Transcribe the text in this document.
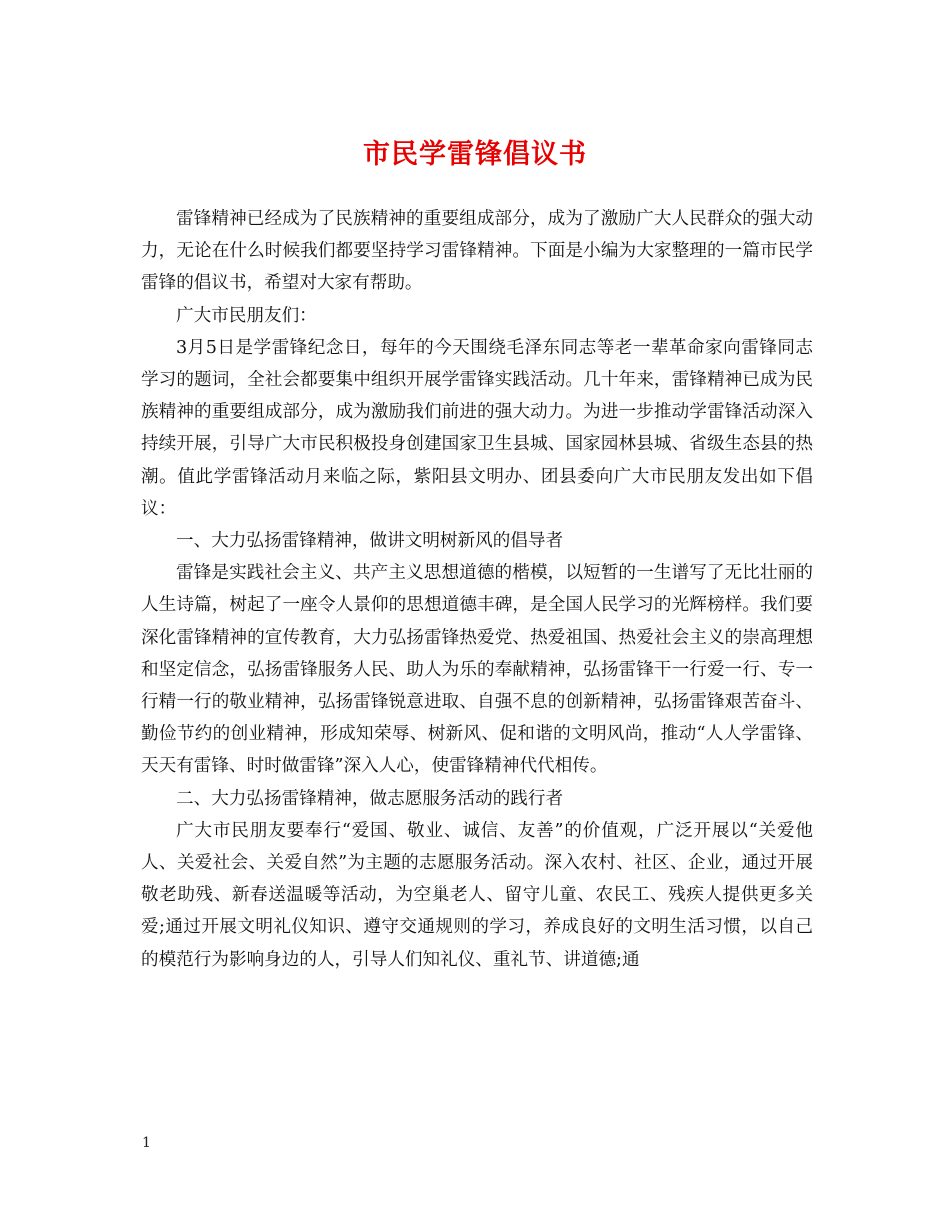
市民学雷锋倡议书

雷锋精神已经成为了民族精神的重要组成部分，成为了激励广大人民群众的强大动力，无论在什么时候我们都要坚持学习雷锋精神。下面是小编为大家整理的一篇市民学雷锋的倡议书，希望对大家有帮助。

广大市民朋友们：

3月5日是学雷锋纪念日，每年的今天围绕毛泽东同志等老一辈革命家向雷锋同志学习的题词，全社会都要集中组织开展学雷锋实践活动。几十年来，雷锋精神已成为民族精神的重要组成部分，成为激励我们前进的强大动力。为进一步推动学雷锋活动深入持续开展，引导广大市民积极投身创建国家卫生县城、国家园林县城、省级生态县的热潮。值此学雷锋活动月来临之际，紫阳县文明办、团县委向广大市民朋友发出如下倡议：

一、大力弘扬雷锋精神，做讲文明树新风的倡导者

雷锋是实践社会主义、共产主义思想道德的楷模，以短暂的一生谱写了无比壮丽的人生诗篇，树起了一座令人景仰的思想道德丰碑，是全国人民学习的光辉榜样。我们要深化雷锋精神的宣传教育，大力弘扬雷锋热爱党、热爱祖国、热爱社会主义的崇高理想和坚定信念，弘扬雷锋服务人民、助人为乐的奉献精神，弘扬雷锋干一行爱一行、专一行精一行的敬业精神，弘扬雷锋锐意进取、自强不息的创新精神，弘扬雷锋艰苦奋斗、勤俭节约的创业精神，形成知荣辱、树新风、促和谐的文明风尚，推动“人人学雷锋、天天有雷锋、时时做雷锋”深入人心，使雷锋精神代代相传。

二、大力弘扬雷锋精神，做志愿服务活动的践行者

广大市民朋友要奉行“爱国、敬业、诚信、友善”的价值观，广泛开展以“关爱他人、关爱社会、关爱自然”为主题的志愿服务活动。深入农村、社区、企业，通过开展敬老助残、新春送温暖等活动，为空巢老人、留守儿童、农民工、残疾人提供更多关爱;通过开展文明礼仪知识、遵守交通规则的学习，养成良好的文明生活习惯，以自己的模范行为影响身边的人，引导人们知礼仪、重礼节、讲道德;通

1
